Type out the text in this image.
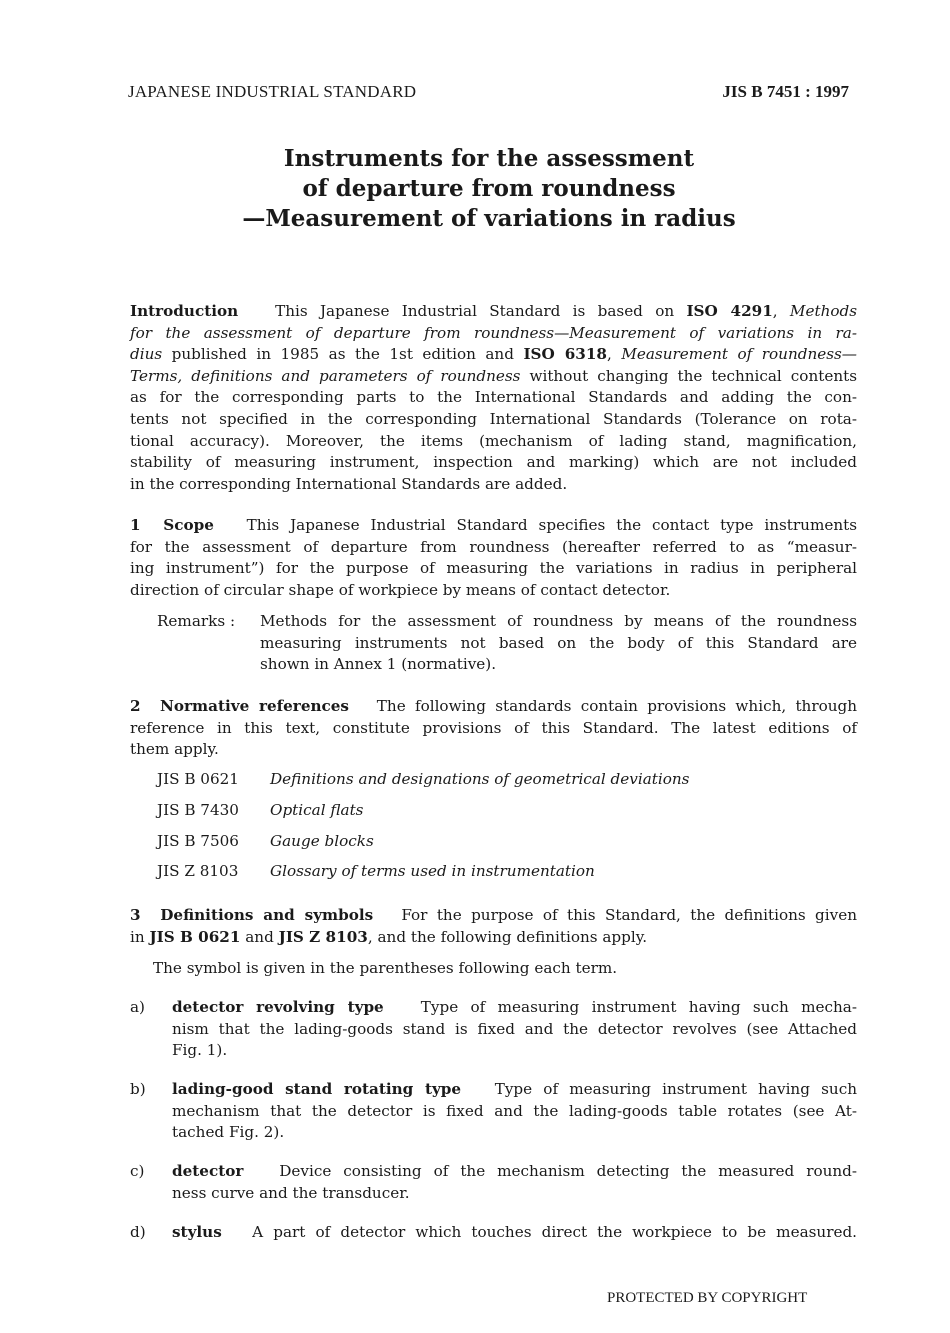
JAPANESE INDUSTRIAL STANDARD	JIS B 7451 : 1997
Instruments for the assessment
of departure from roundness
—Measurement of variations in radius
Introduction This Japanese Industrial Standard is based on ISO 4291, Methods
for the assessment of departure from roundness—Measurement of variations in ra-
dius published in 1985 as the 1st edition and ISO 6318, Measurement of roundness—
Terms, definitions and parameters of roundness without changing the technical contents
as for the corresponding parts to the International Standards and adding the con-
tents not specified in the corresponding International Standards (Tolerance on rota-
tional accuracy). Moreover, the items (mechanism of lading stand, magnification,
stability of measuring instrument, inspection and marking) which are not included
in the corresponding International Standards are added.
1 Scope This Japanese Industrial Standard specifies the contact type instruments
for the assessment of departure from roundness (hereafter referred to as “measur-
ing instrument”) for the purpose of measuring the variations in radius in peripheral
direction of circular shape of workpiece by means of contact detector.
Remarks : Methods for the assessment of roundness by means of the roundness
measuring instruments not based on the body of this Standard are
shown in Annex 1 (normative).
2 Normative references The following standards contain provisions which, through
reference in this text, constitute provisions of this Standard. The latest editions of
them apply.
JIS B 0621 Definitions and designations of geometrical deviations
JIS B 7430 Optical flats
JIS B 7506 Gauge blocks
JIS Z 8103 Glossary of terms used in instrumentation
3 Definitions and symbols For the purpose of this Standard, the definitions given
in JIS B 0621 and JIS Z 8103, and the following definitions apply.
The symbol is given in the parentheses following each term.
a) detector revolving type Type of measuring instrument having such mecha-
nism that the lading-goods stand is fixed and the detector revolves (see Attached
Fig. 1).
b) lading-good stand rotating type Type of measuring instrument having such
mechanism that the detector is fixed and the lading-goods table rotates (see At-
tached Fig. 2).
c) detector Device consisting of the mechanism detecting the measured round-
ness curve and the transducer.
d) stylus A part of detector which touches direct the workpiece to be measured.
PROTECTED BY COPYRIGHT
